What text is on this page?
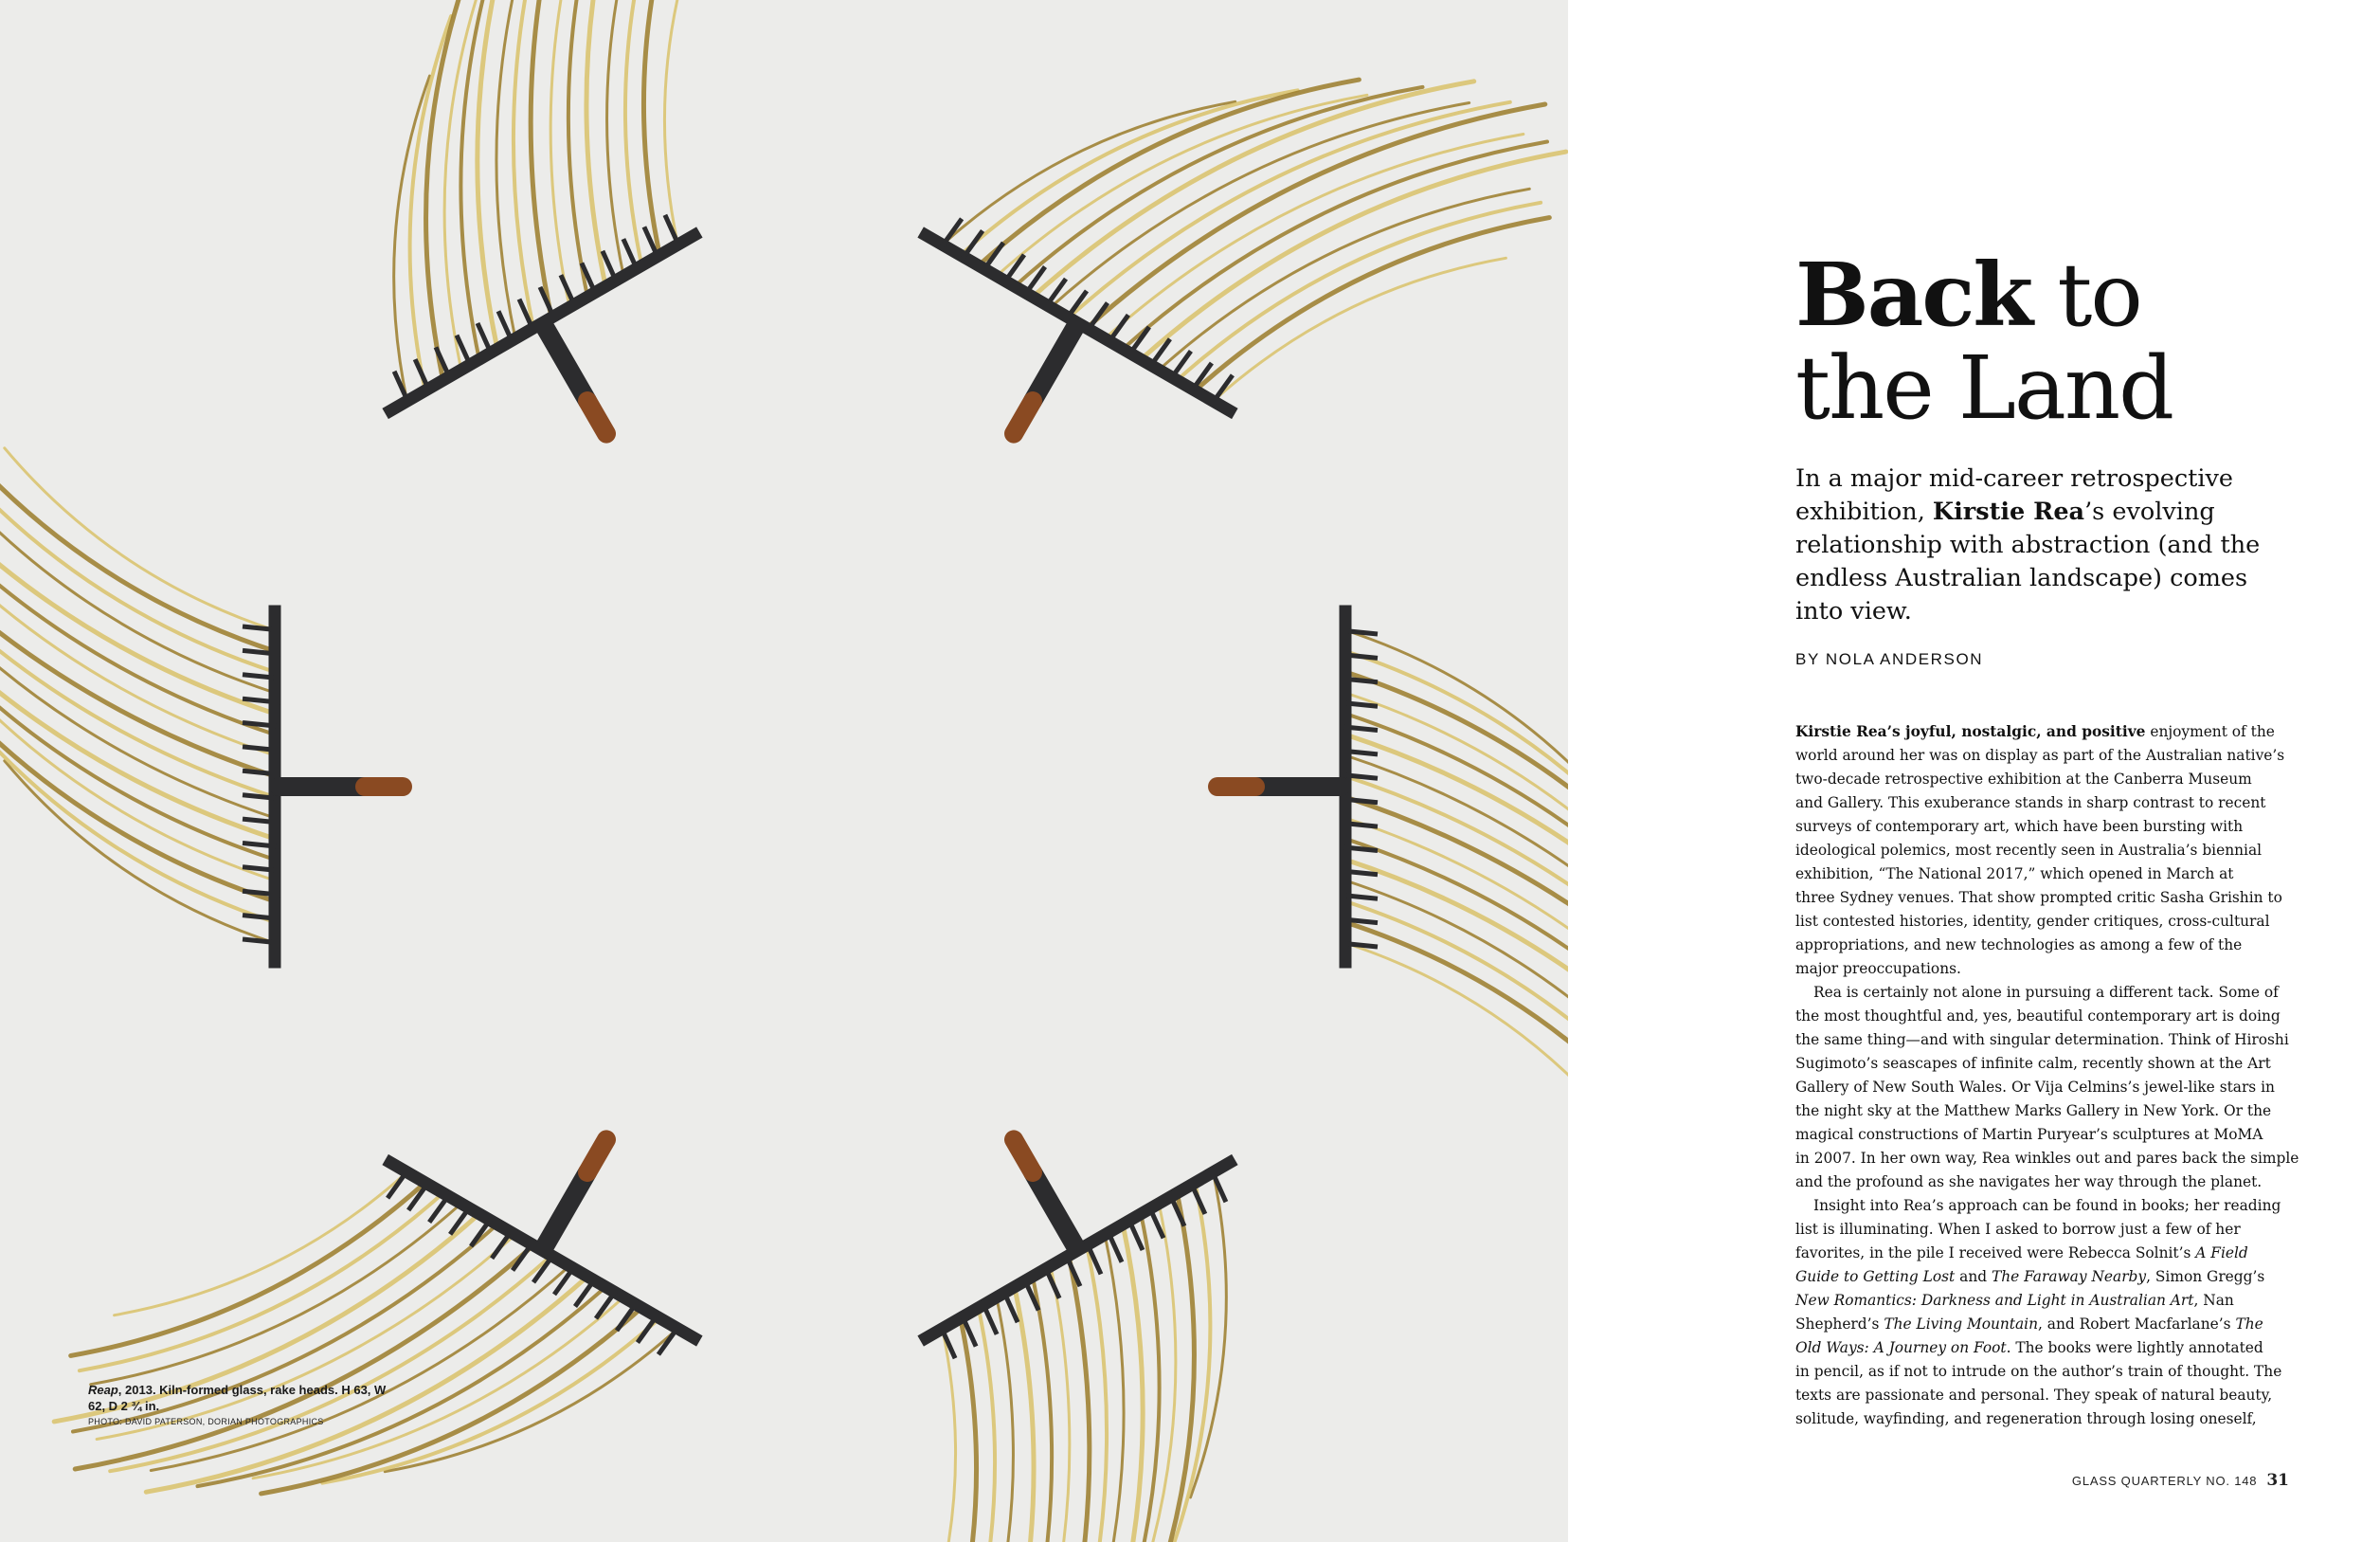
Reap, 2013. Kiln-formed glass, rake heads. H 63, W 62, D 2 ¾ in.
PHOTO: DAVID PATERSON, DORIAN PHOTOGRAPHICS
Back to
the Land

In a major mid-career retrospective exhibition, Kirstie Rea’s evolving relationship with abstraction (and the endless Australian landscape) comes into view.

BY NOLA ANDERSON
Kirstie Rea’s joyful, nostalgic, and positive enjoyment of the
world around her was on display as part of the Australian native’s
two-decade retrospective exhibition at the Canberra Museum
and Gallery. This exuberance stands in sharp contrast to recent
surveys of contemporary art, which have been bursting with
ideological polemics, most recently seen in Australia’s biennial
exhibition, “The National 2017,” which opened in March at
three Sydney venues. That show prompted critic Sasha Grishin to
list contested histories, identity, gender critiques, cross-cultural
appropriations, and new technologies as among a few of the
major preoccupations.
Rea is certainly not alone in pursuing a different tack. Some of
the most thoughtful and, yes, beautiful contemporary art is doing
the same thing—and with singular determination. Think of Hiroshi
Sugimoto’s seascapes of infinite calm, recently shown at the Art
Gallery of New South Wales. Or Vija Celmins’s jewel-like stars in
the night sky at the Matthew Marks Gallery in New York. Or the
magical constructions of Martin Puryear’s sculptures at MoMA
in 2007. In her own way, Rea winkles out and pares back the simple
and the profound as she navigates her way through the planet.
Insight into Rea’s approach can be found in books; her reading
list is illuminating. When I asked to borrow just a few of her
favorites, in the pile I received were Rebecca Solnit’s A Field
Guide to Getting Lost and The Faraway Nearby, Simon Gregg’s
New Romantics: Darkness and Light in Australian Art, Nan
Shepherd’s The Living Mountain, and Robert Macfarlane’s The
Old Ways: A Journey on Foot. The books were lightly annotated
in pencil, as if not to intrude on the author’s train of thought. The
texts are passionate and personal. They speak of natural beauty,
solitude, wayfinding, and regeneration through losing oneself,
GLASS QUARTERLY NO. 148 31
